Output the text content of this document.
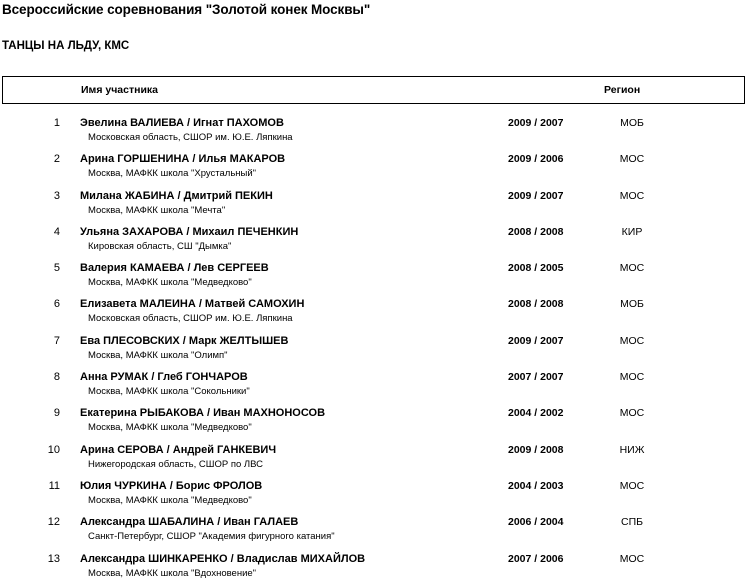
Всероссийские соревнования "Золотой конек Москвы"
ТАНЦЫ НА ЛЬДУ, КМС
Имя участника	Регион
1 Эвелина ВАЛИЕВА / Игнат ПАХОМОВ
Московская область, СШОР им. Ю.Е. Ляпкина
2009 / 2007	МОБ
2 Арина ГОРШЕНИНА / Илья МАКАРОВ
Москва, МАФКК школа "Хрустальный"
2009 / 2006	МОС
3 Милана ЖАБИНА / Дмитрий ПЕКИН
Москва, МАФКК школа "Мечта"
2009 / 2007	МОС
4 Ульяна ЗАХАРОВА / Михаил ПЕЧЕНКИН
Кировская область, СШ "Дымка"
2008 / 2008	КИР
5 Валерия КАМАЕВА / Лев СЕРГЕЕВ
Москва, МАФКК школа "Медведково"
2008 / 2005	МОС
6 Елизавета МАЛЕИНА / Матвей САМОХИН
Московская область, СШОР им. Ю.Е. Ляпкина
2008 / 2008	МОБ
7 Ева ПЛЕСОВСКИХ / Марк ЖЕЛТЫШЕВ
Москва, МАФКК школа "Олимп"
2009 / 2007	МОС
8 Анна РУМАК / Глеб ГОНЧАРОВ
Москва, МАФКК школа "Сокольники"
2007 / 2007	МОС
9 Екатерина РЫБАКОВА / Иван МАХНОНОСОВ
Москва, МАФКК школа "Медведково"
2004 / 2002	МОС
10 Арина СЕРОВА / Андрей ГАНКЕВИЧ
Нижегородская область, СШОР по ЛВС
2009 / 2008	НИЖ
11 Юлия ЧУРКИНА / Борис ФРОЛОВ
Москва, МАФКК школа "Медведково"
2004 / 2003	МОС
12 Александра ШАБАЛИНА / Иван ГАЛАЕВ
Санкт-Петербург, СШОР "Академия фигурного катания"
2006 / 2004	СПБ
13 Александра ШИНКАРЕНКО / Владислав МИХАЙЛОВ
Москва, МАФКК школа "Вдохновение"
2007 / 2006	МОС
